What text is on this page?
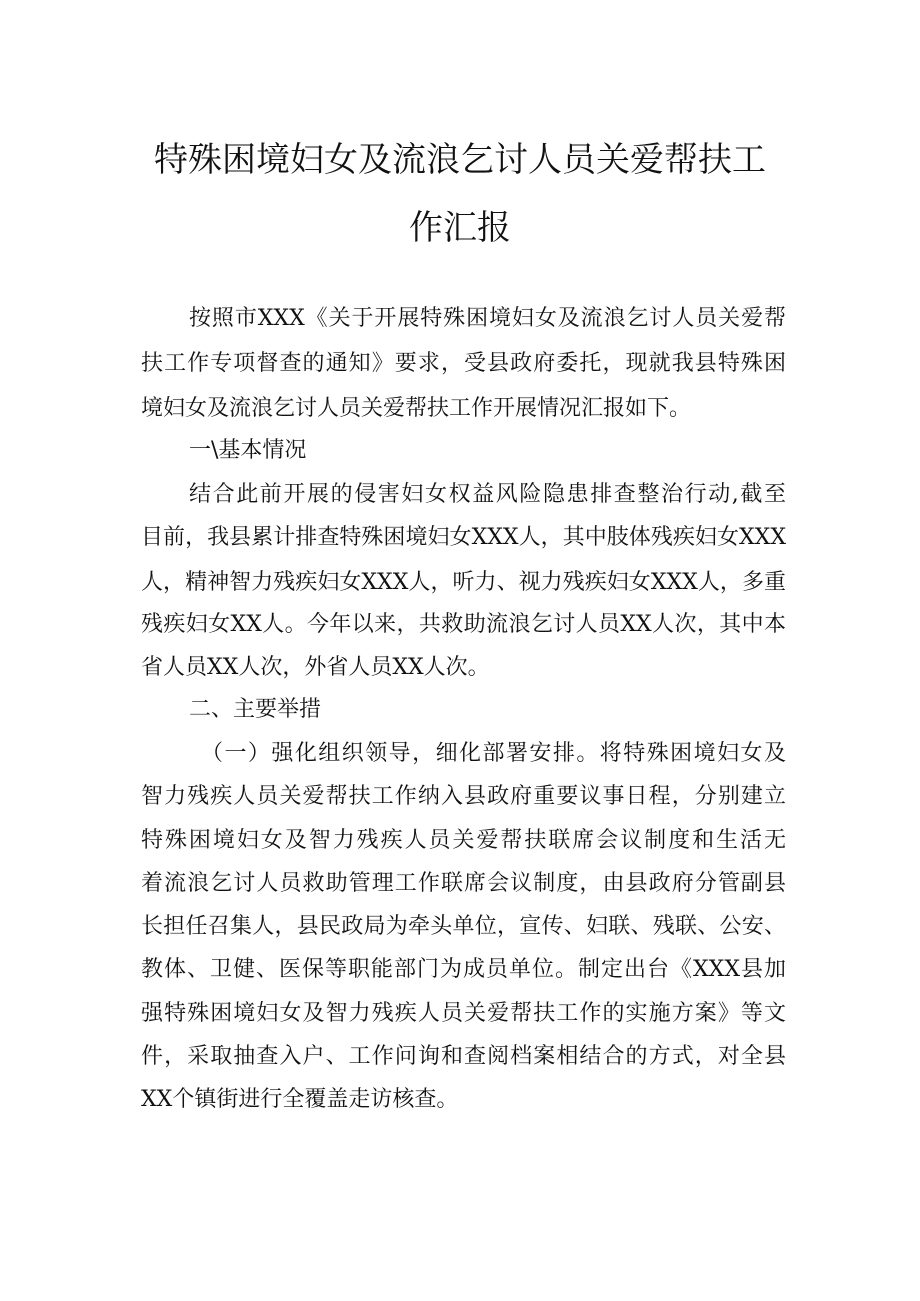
特殊困境妇女及流浪乞讨人员关爱帮扶工
作汇报

按照市XXX《关于开展特殊困境妇女及流浪乞讨人员关爱帮

扶工作专项督查的通知》要求，受县政府委托，现就我县特殊困

境妇女及流浪乞讨人员关爱帮扶工作开展情况汇报如下。

一\基本情况

结合此前开展的侵害妇女权益风险隐患排查整治行动,截至

目前，我县累计排查特殊困境妇女XXX人，其中肢体残疾妇女XXX

人，精神智力残疾妇女XXX人，听力、视力残疾妇女XXX人，多重

残疾妇女XX人。今年以来，共救助流浪乞讨人员XX人次，其中本

省人员XX人次，外省人员XX人次。

二、主要举措

（一）强化组织领导，细化部署安排。将特殊困境妇女及

智力残疾人员关爱帮扶工作纳入县政府重要议事日程，分别建立

特殊困境妇女及智力残疾人员关爱帮扶联席会议制度和生活无

着流浪乞讨人员救助管理工作联席会议制度，由县政府分管副县

长担任召集人，县民政局为牵头单位，宣传、妇联、残联、公安、

教体、卫健、医保等职能部门为成员单位。制定出台《XXX县加

强特殊困境妇女及智力残疾人员关爱帮扶工作的实施方案》等文

件，采取抽查入户、工作问询和查阅档案相结合的方式，对全县

XX个镇街进行全覆盖走访核查。
